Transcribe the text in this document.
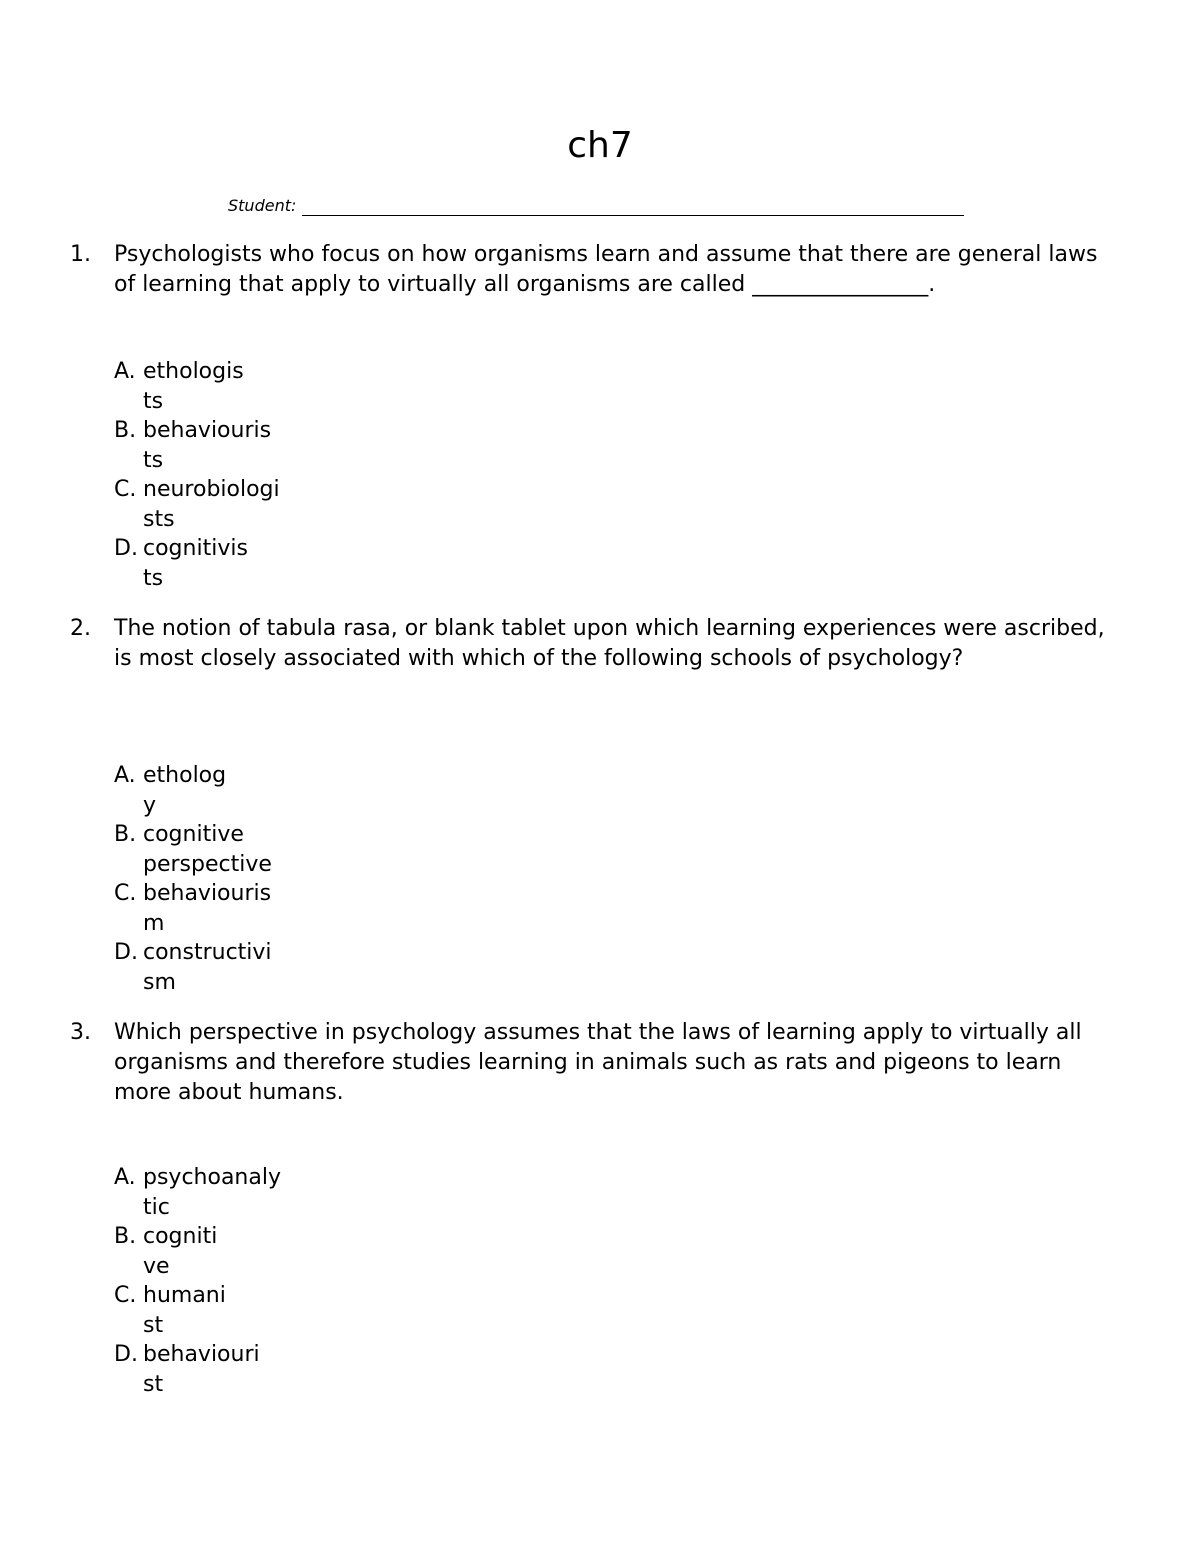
ch7
Student:
1. Psychologists who focus on how organisms learn and assume that there are general laws of learning that apply to virtually all organisms are called ________________.

A. ethologis
ts
B. behaviouris
ts
C. neurobiologi
sts
D. cognitivis
ts
2. The notion of tabula rasa, or blank tablet upon which learning experiences were ascribed, is most closely associated with which of the following schools of psychology?

A. etholog
y
B. cognitive
perspective
C. behaviouris
m
D. constructivi
sm
3. Which perspective in psychology assumes that the laws of learning apply to virtually all organisms and therefore studies learning in animals such as rats and pigeons to learn more about humans.

A. psychoanaly
tic
B. cogniti
ve
C. humani
st
D. behaviouri
st
